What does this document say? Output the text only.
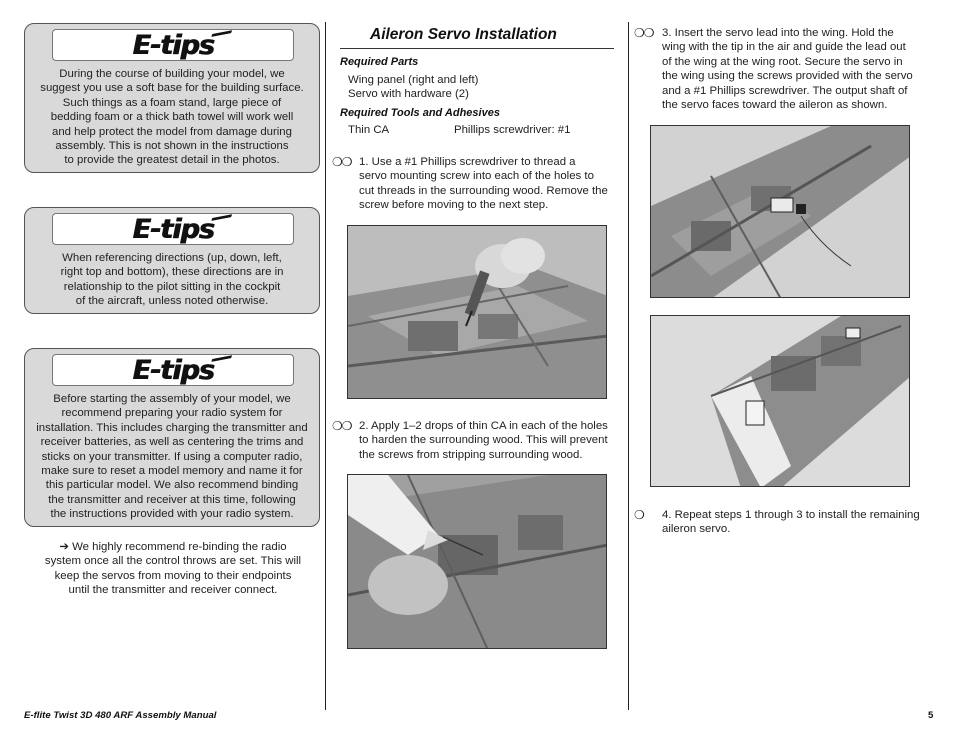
E-tips
During the course of building your model, we
suggest you use a soft base for the building surface.
Such things as a foam stand, large piece of
bedding foam or a thick bath towel will work well
and help protect the model from damage during
assembly. This is not shown in the instructions
to provide the greatest detail in the photos.
E-tips
When referencing directions (up, down, left,
right top and bottom), these directions are in
relationship to the pilot sitting in the cockpit
of the aircraft, unless noted otherwise.
E-tips
Before starting the assembly of your model, we
recommend preparing your radio system for
installation. This includes charging the transmitter and
receiver batteries, as well as centering the trims and
sticks on your transmitter. If using a computer radio,
make sure to reset a model memory and name it for
this particular model. We also recommend binding
the transmitter and receiver at this time, following
the instructions provided with your radio system.
➔ We highly recommend re-binding the radio
system once all the control throws are set. This will
keep the servos from moving to their endpoints
until the transmitter and receiver connect.
Aileron Servo Installation
Required Parts
Wing panel (right and left)
Servo with hardware (2)
Required Tools and Adhesives
Thin CA	Phillips screwdriver: #1
❍❍ 1. Use a #1 Phillips screwdriver to thread a
servo mounting screw into each of the holes to
cut threads in the surrounding wood. Remove the
screw before moving to the next step.
❍❍ 2. Apply 1–2 drops of thin CA in each of the holes
to harden the surrounding wood. This will prevent
the screws from stripping surrounding wood.
❍❍ 3. Insert the servo lead into the wing. Hold the
wing with the tip in the air and guide the lead out
of the wing at the wing root. Secure the servo in
the wing using the screws provided with the servo
and a #1 Phillips screwdriver. The output shaft of
the servo faces toward the aileron as shown.
❍ 4. Repeat steps 1 through 3 to install the remaining
aileron servo.
E-flite Twist 3D 480 ARF Assembly Manual	5
